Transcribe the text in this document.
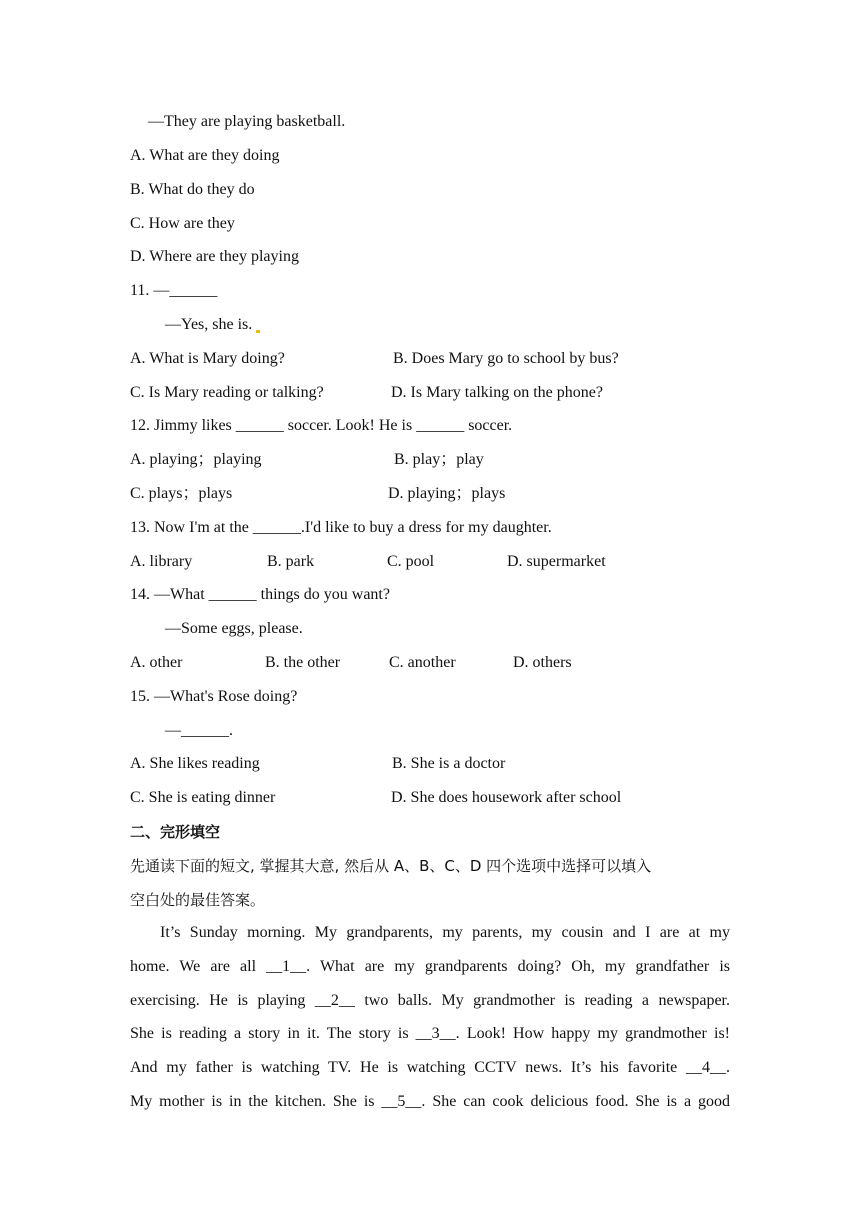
—They are playing basketball.
A. What are they doing
B. What do they do
C. How are they
D. Where are they playing
11. —______
—Yes, she is.
A. What is Mary doing?	B. Does Mary go to school by bus?
C. Is Mary reading or talking?	D. Is Mary talking on the phone?
12. Jimmy likes ______ soccer. Look! He is ______ soccer.
A. playing；playing	B. play；play
C. plays；plays	D. playing；plays
13. Now I'm at the ______.I'd like to buy a dress for my daughter.
A. library	B. park	C. pool	D. supermarket
14. —What ______ things do you want?
—Some eggs, please.
A. other	B. the other	C. another	D. others
15. —What's Rose doing?
—______.
A. She likes reading	B. She is a doctor
C. She is eating dinner	D. She does housework after school
二、完形填空
先通读下面的短文, 掌握其大意, 然后从 A、B、C、D 四个选项中选择可以填入
空白处的最佳答案。
It’s Sunday morning. My grandparents, my parents, my cousin and I are at my
home. We are all __1__. What are my grandparents doing? Oh, my grandfather is
exercising. He is playing __2__ two balls. My grandmother is reading a newspaper.
She is reading a story in it. The story is __3__. Look! How happy my grandmother is!
And my father is watching TV. He is watching CCTV news. It’s his favorite __4__.
My mother is in the kitchen. She is __5__. She can cook delicious food. She is a good
